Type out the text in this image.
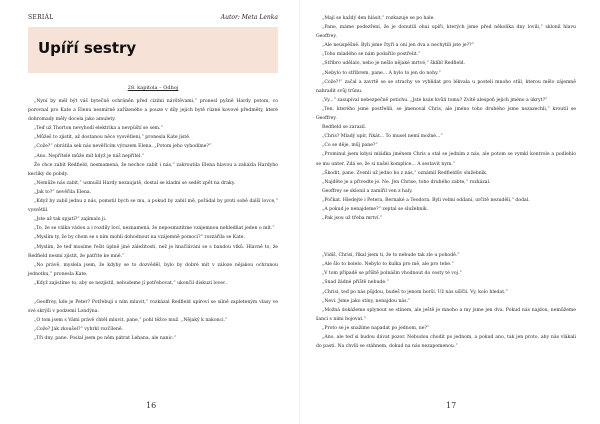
SERIÁL	Autor: Meta Lenka
Upíří sestry
28. kapitola – Odhoj

„Nyní by měl být váš bytečně ochráněn před cizími návštěvami,“ pronesl pyšně Hardy potom, co porovnal pro Kate a Elenu nesmírně zařízeného a pouze v díly jejich bytě rüzné kovové předměty, které dohromady měly docela jako amulety.

„Teď už Thorton nevyhodí elektrika a nevpüští se sem.“

„Můžeš to zjistit, až dostanou něco vysvětlení,“ pronesla Kate jistě.

„Cože?“ obrátila sek nás nevěřícím výrazem Elena. „Potom jeho vyhodíme?“

„Ano. Nepřítelé může mít když je náš nepřítel.“

Že chce zabít Redfield, nesmamená, že nechce zabít i nás,“ zakroutila Elena hlavou a zaházla Hardyho kecliky do pobdy.

„Nemůže nás zabít,“ usmušil Hardy nezaujatě, dostal se kladní se sedět zpět na draky.

„Jak to?“ nevěřila Elena.

„Když by zabil jednu z nás, pomstil bych se mu, a pokud by zabil mě, pořádal by proti sobě další lovce,“ vysvětlil.

„Jste až tak spjatí?“ zajímalo ji.

„To, že se válka vádou a i rozdíly loví, neznamená, že neposmutitme vzájemnou nehledňat jeden o mít.“

„Myslím ty, že by chom se s ním mohli dohodnout na vzájemně pomoci?“ rozzáříla se Kate.

„Myslím, že teď musíme řešit úplně jiné záležitosti, než je hnačlávání se s bandou vlků. Hlavně to, že Redfield nesmí zjistit, že patříte ke mně.“

„No právě, myslela jsem, že kdyby se to dozvěděl, bylo by dobré mít v záloze nějakou ochranou jednotku,“ pronesla Kate.

„Když zajistíme to, aby se nezjistil, nebudeme jí potřebovat,“ ukončil diskuzi lovec.

„Geoffrey, kde je Peter? Potřebuji s ním mluvit,“ rozkázal Redfield upíroví se silně zapleteným vlasy ve své skrýši v podzemí Londýna.

„O tom jsem s Vámi právě chtěl mluvit, pane,“ pohl těžce muž. „Nějaký k nakonci.“

„Cože? Jak zkoušel?“ vyhrkl rozčíleně.

„Tři dny, pane. Poslal jsem po něm pátrat Lehana, ale nanic.“

16

„Mají se každý den hlásit,“ rozkazuje se po hale.

„Pane, máme podezření, že je donutili ohui upíři, kterých jsme před několika dny lovili,“ sklonil hlavu Geoffrey.

„Ale neúspěšně. Byli jsme čtyři a oni jen dva a nechytili jste je??“

„Toho mladého se nám podařilo postřelit.“

„Stříbro udělalo, nebo je nešlo nějaké mrtvé,“ šklíbl Redfield.

„Nebylo to stříbrem, pane... A bylo to jen do nohy.“

„Cože?!“ začal a zavrtě se se strachy ve vyhlídat pro lékvala u posteli mnoho stůl, kterou mělo zájemně nahradit svůj trůnu.

„Vy...“ zasupíval nebezpečně potichu. „Jste ksán kvůli tomu? Zvítě alespoň jejich jméno a úkryt?“

„Ten, kterého jsme postřelili, se jmenoval Chris, ale jméno toho druhého jsme nezazechli,“ kroutil se Geoffrey.

Redfield se zarazil.

„Chris? Mladý upír, řikát... To musel nemí možné...“

„Co se děje, můj pane?“

„Prominul jsem kdysi mládka jménem Chris a stal se jedním z nás, ale potom se vymkl kontrole a podlehlo se mu unter. Zdá se, že si našel komplice... A sestavit nym.“

„Škodit, pane. Zvenlí už jedno ho z nás,“ oznámil Redfieldův služebník.

„Najděte je a přivedte je. Ne. Jen Chrise, toho druhého zabte,“ rozkázal.

Geoffrey se sklonil a zamířil ven z haly.

„Počkat. Hledejte i Petera, Bernaké a Teodora. Byli velmi oddaní, určitě nezuděli,“ dodal.

„A pokud je nenajdeme?“ zeptal se služebník.

„Pak jsou už třeba mrtví.“

„Vidíš, Chrisi, říkal jsem ti, že to nebude tak zle u pohodě.“

„Ale šlo to bolelo. Nebylo to kulka pro mě, ale pro tebe.“

„V tom případě se příště polnášm vhodnout do cesty té voj.“

„Snad žádné příště nebude.“

„Chrisi, teď po nás půjdou, budeš to jenom horší. Už nás ušlčli. Vy, kolo hledat.“

„Neví. Jsme jako stíny, nenajdou nás.“

„Možná dokážeme splynout se stínem, ale ještě je mnoho a my jsme jen dva. Pokud nás najdou, nemůžeme šanci s nimi bojovat.“

„Proto se je snažíme napadat po jednom, ne?“

„Ano, ale teď si budou dávat pozor. Nebudou chodit po jednom, a pokud ano, tak jen proto, aby nás vlákali do pasti. Na chvíli se stáhnem, dokud na nás nezapomenou.“

17
